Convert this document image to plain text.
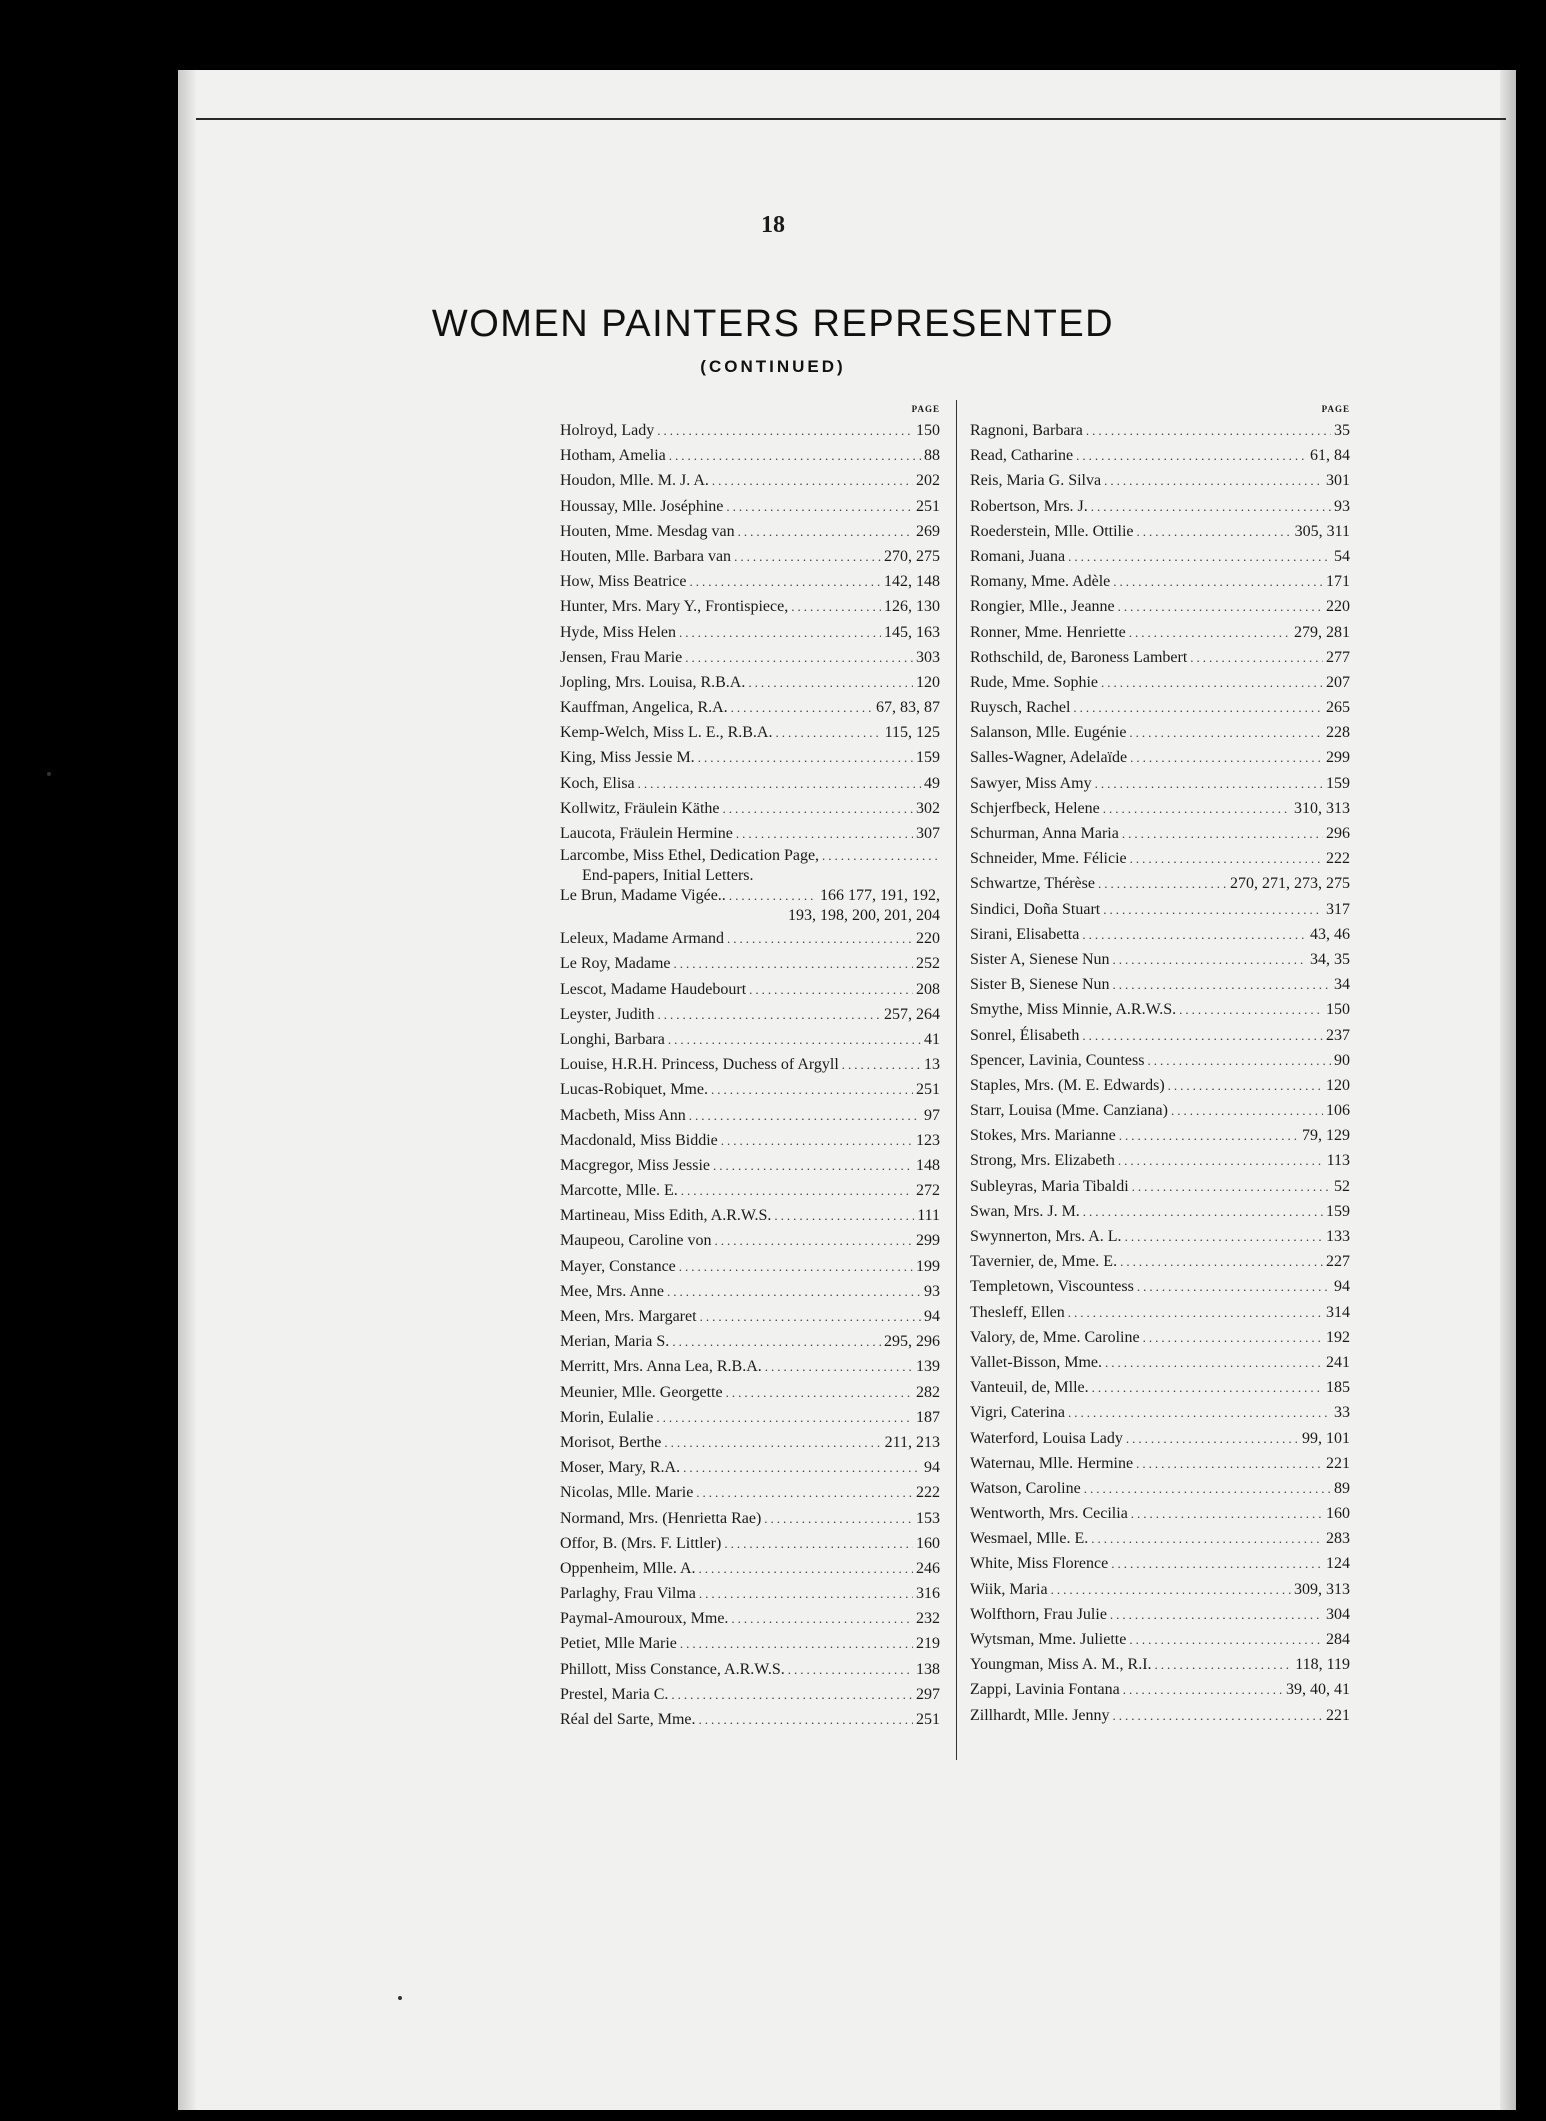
18
WOMEN PAINTERS REPRESENTED
(CONTINUED)
PAGE
Holroyd, Lady .....	150
Hotham, Amelia .....	88
Houdon, Mlle. M. J. A. .....	202
Houssay, Mlle. Joséphine .....	251
Houten, Mme. Mesdag van .....	269
Houten, Mlle. Barbara van .....	270, 275
How, Miss Beatrice .....	142, 148
Hunter, Mrs. Mary Y., Frontispiece, .....	126, 130
Hyde, Miss Helen .....	145, 163
Jensen, Frau Marie .....	303
Jopling, Mrs. Louisa, R.B.A. .....	120
Kauffman, Angelica, R.A. .....	67, 83, 87
Kemp-Welch, Miss L. E., R.B.A. .....	115, 125
King, Miss Jessie M. .....	159
Koch, Elisa .....	49
Kollwitz, Fräulein Käthe .....	302
Laucota, Fräulein Hermine .....	307
Larcombe, Miss Ethel, Dedication Page,
.....
End-papers, Initial Letters.
Le Brun, Madame Vigée.. .....	166 177, 191, 192,
193, 198, 200, 201, 204
Leleux, Madame Armand .....	220
Le Roy, Madame .....	252
Lescot, Madame Haudebourt .....	208
Leyster, Judith .....	257, 264
Longhi, Barbara .....	41
Louise, H.R.H. Princess, Duchess of Argyll .....	13
Lucas-Robiquet, Mme. .....	251
Macbeth, Miss Ann .....	97
Macdonald, Miss Biddie .....	123
Macgregor, Miss Jessie .....	148
Marcotte, Mlle. E. .....	272
Martineau, Miss Edith, A.R.W.S. .....	111
Maupeou, Caroline von .....	299
Mayer, Constance .....	199
Mee, Mrs. Anne .....	93
Meen, Mrs. Margaret .....	94
Merian, Maria S. .....	295, 296
Merritt, Mrs. Anna Lea, R.B.A. .....	139
Meunier, Mlle. Georgette .....	282
Morin, Eulalie .....	187
Morisot, Berthe .....	211, 213
Moser, Mary, R.A. .....	94
Nicolas, Mlle. Marie .....	222
Normand, Mrs. (Henrietta Rae) .....	153
Offor, B. (Mrs. F. Littler) .....	160
Oppenheim, Mlle. A. .....	246
Parlaghy, Frau Vilma .....	316
Paymal-Amouroux, Mme. .....	232
Petiet, Mlle Marie .....	219
Phillott, Miss Constance, A.R.W.S. .....	138
Prestel, Maria C. .....	297
Réal del Sarte, Mme. .....	251
PAGE
Ragnoni, Barbara .....	35
Read, Catharine .....	61, 84
Reis, Maria G. Silva .....	301
Robertson, Mrs. J. .....	93
Roederstein, Mlle. Ottilie .....	305, 311
Romani, Juana .....	54
Romany, Mme. Adèle .....	171
Rongier, Mlle., Jeanne .....	220
Ronner, Mme. Henriette .....	279, 281
Rothschild, de, Baroness Lambert .....	277
Rude, Mme. Sophie .....	207
Ruysch, Rachel .....	265
Salanson, Mlle. Eugénie .....	228
Salles-Wagner, Adelaïde .....	299
Sawyer, Miss Amy .....	159
Schjerfbeck, Helene .....	310, 313
Schurman, Anna Maria .....	296
Schneider, Mme. Félicie .....	222
Schwartze, Thérèse .....	270, 271, 273, 275
Sindici, Doña Stuart .....	317
Sirani, Elisabetta .....	43, 46
Sister A, Sienese Nun .....	34, 35
Sister B, Sienese Nun .....	34
Smythe, Miss Minnie, A.R.W.S. .....	150
Sonrel, Élisabeth .....	237
Spencer, Lavinia, Countess .....	90
Staples, Mrs. (M. E. Edwards) .....	120
Starr, Louisa (Mme. Canziana) .....	106
Stokes, Mrs. Marianne .....	79, 129
Strong, Mrs. Elizabeth .....	113
Subleyras, Maria Tibaldi .....	52
Swan, Mrs. J. M. .....	159
Swynnerton, Mrs. A. L. .....	133
Tavernier, de, Mme. E. .....	227
Templetown, Viscountess .....	94
Thesleff, Ellen .....	314
Valory, de, Mme. Caroline .....	192
Vallet-Bisson, Mme. .....	241
Vanteuil, de, Mlle. .....	185
Vigri, Caterina .....	33
Waterford, Louisa Lady .....	99, 101
Waternau, Mlle. Hermine .....	221
Watson, Caroline .....	89
Wentworth, Mrs. Cecilia .....	160
Wesmael, Mlle. E. .....	283
White, Miss Florence .....	124
Wiik, Maria .....	309, 313
Wolfthorn, Frau Julie .....	304
Wytsman, Mme. Juliette .....	284
Youngman, Miss A. M., R.I. .....	118, 119
Zappi, Lavinia Fontana .....	39, 40, 41
Zillhardt, Mlle. Jenny .....	221
